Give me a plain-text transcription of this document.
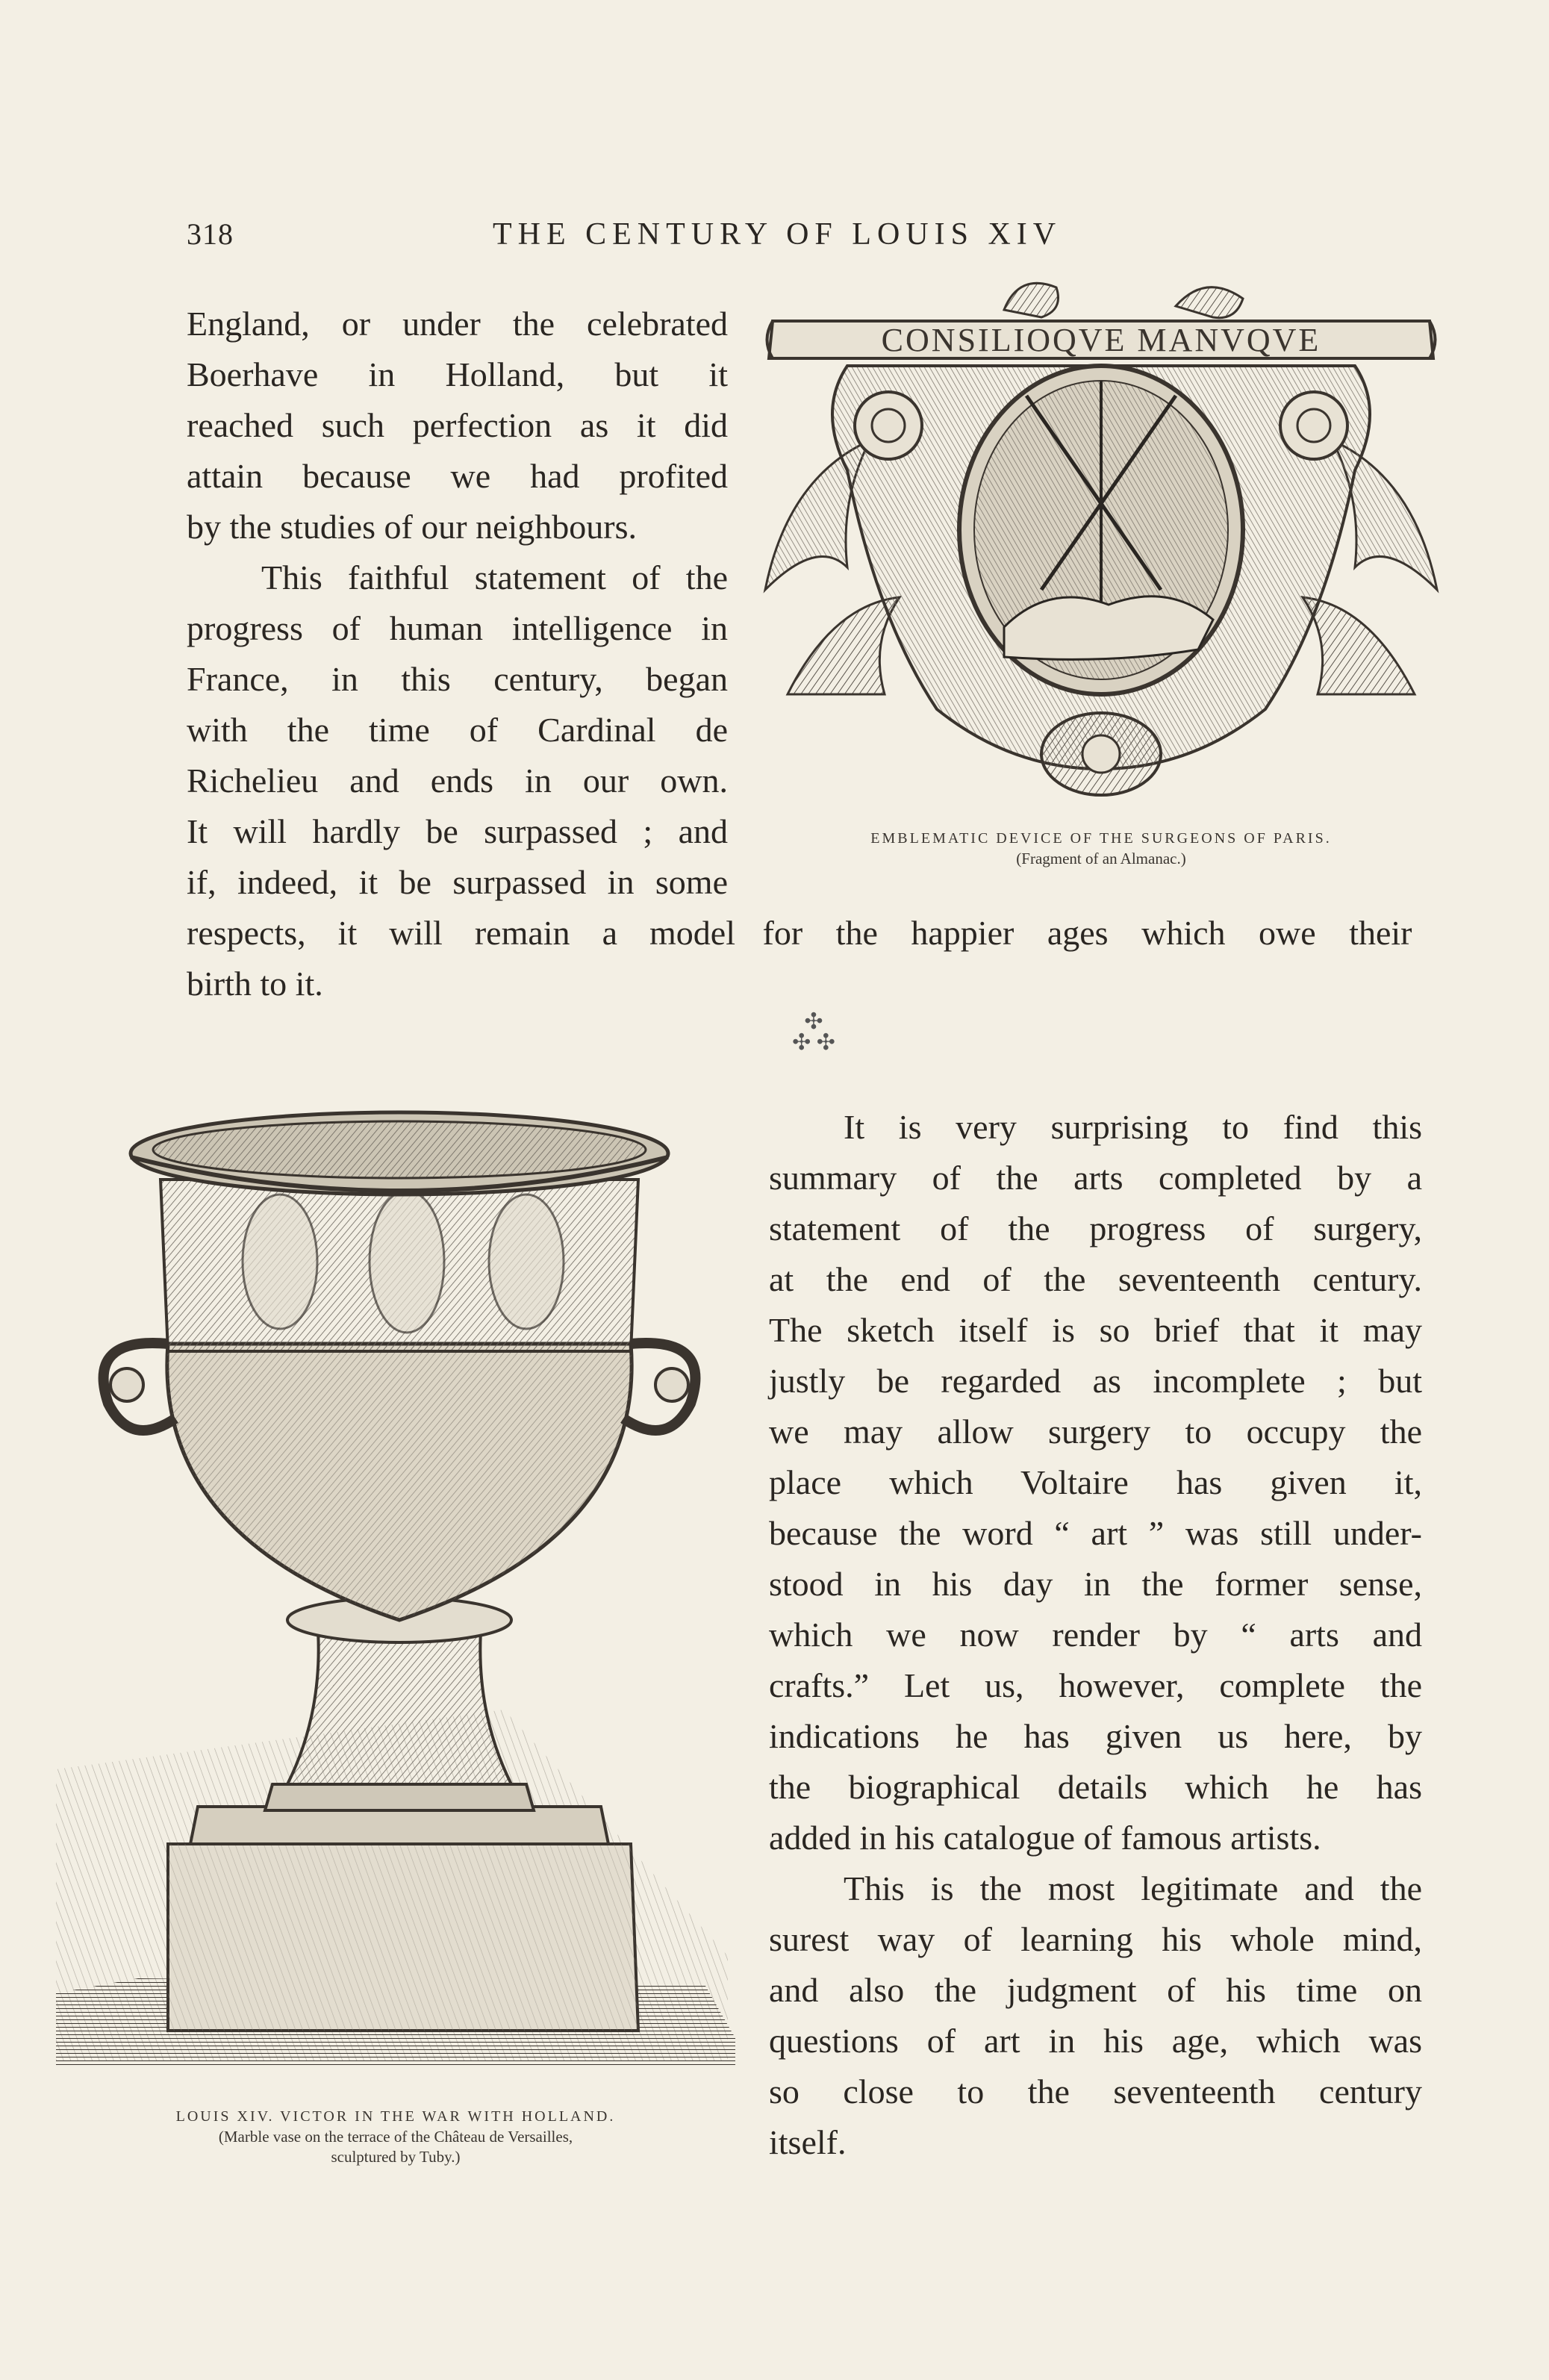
318	THE CENTURY OF LOUIS XIV
England, or under the celebrated
Boerhave in Holland, but it
reached such perfection as it did
attain because we had profited
by the studies of our neighbours.
This faithful statement of the
progress of human intelligence in
France, in this century, began
with the time of Cardinal de
Richelieu and ends in our own.
It will hardly be surpassed ; and
if, indeed, it be surpassed in some
respects, it will remain a model for the happier ages which owe their
birth to it.
CONSILIOQVE MANVQVE
EMBLEMATIC DEVICE OF THE SURGEONS OF PARIS.
(Fragment of an Almanac.)
✣
✣ ✣
LOUIS XIV. VICTOR IN THE WAR WITH HOLLAND.
(Marble vase on the terrace of the Château de Versailles,
sculptured by Tuby.)
It is very surprising to find this
summary of the arts completed by a
statement of the progress of surgery,
at the end of the seventeenth century.
The sketch itself is so brief that it may
justly be regarded as incomplete ; but
we may allow surgery to occupy the
place which Voltaire has given it,
because the word “ art ” was still under-
stood in his day in the former sense,
which we now render by “ arts and
crafts.” Let us, however, complete the
indications he has given us here, by
the biographical details which he has
added in his catalogue of famous artists.
This is the most legitimate and the
surest way of learning his whole mind,
and also the judgment of his time on
questions of art in his age, which was
so close to the seventeenth century
itself.
